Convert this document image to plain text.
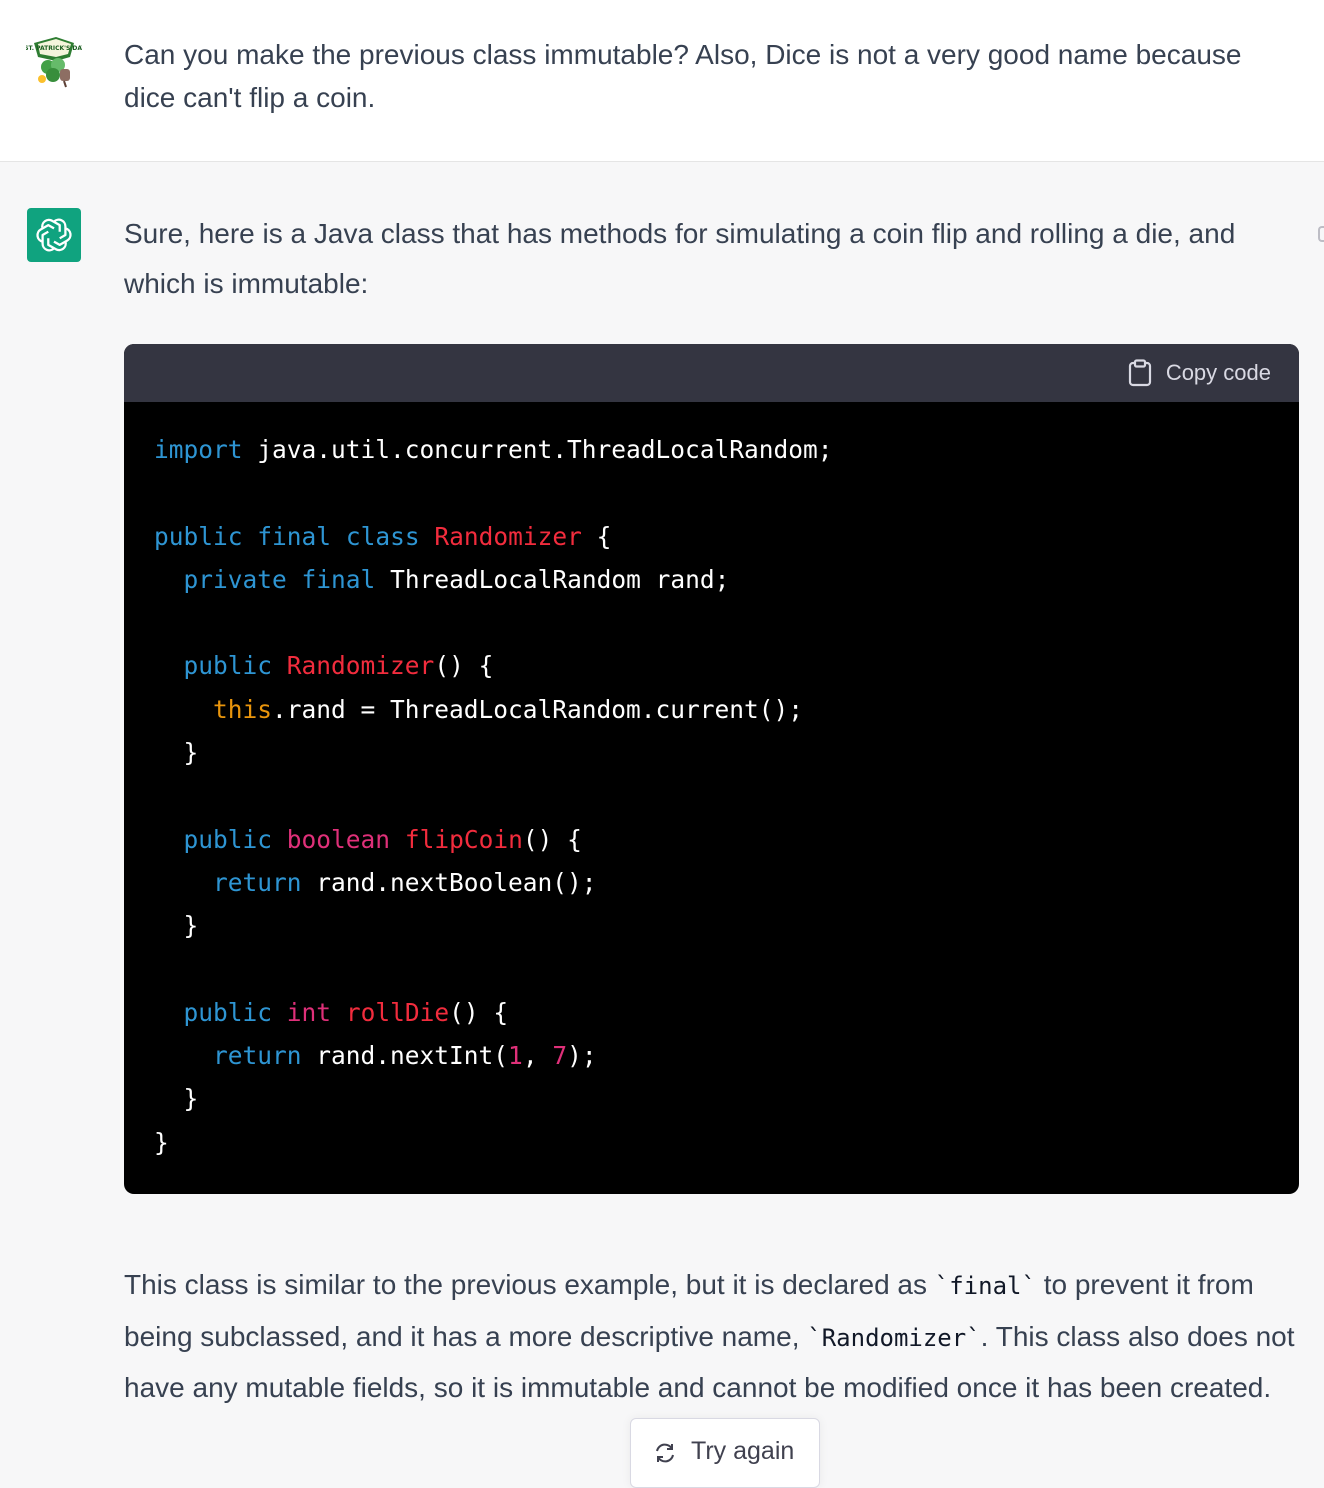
ST. PATRICK'S DAY Can you make the previous class immutable? Also, Dice is not a very good name because dice can't flip a coin.

Sure, here is a Java class that has methods for simulating a coin flip and rolling a die, and which is immutable:

Copy code
import java.util.concurrent.ThreadLocalRandom;

public final class Randomizer {
private final ThreadLocalRandom rand;

public Randomizer() {
this.rand = ThreadLocalRandom.current();
}

public boolean flipCoin() {
return rand.nextBoolean();
}

public int rollDie() {
return rand.nextInt(1, 7);
}
}

This class is similar to the previous example, but it is declared as `final` to prevent it from being subclassed, and it has a more descriptive name, `Randomizer`. This class also does not have any mutable fields, so it is immutable and cannot be modified once it has been created.

Try again
